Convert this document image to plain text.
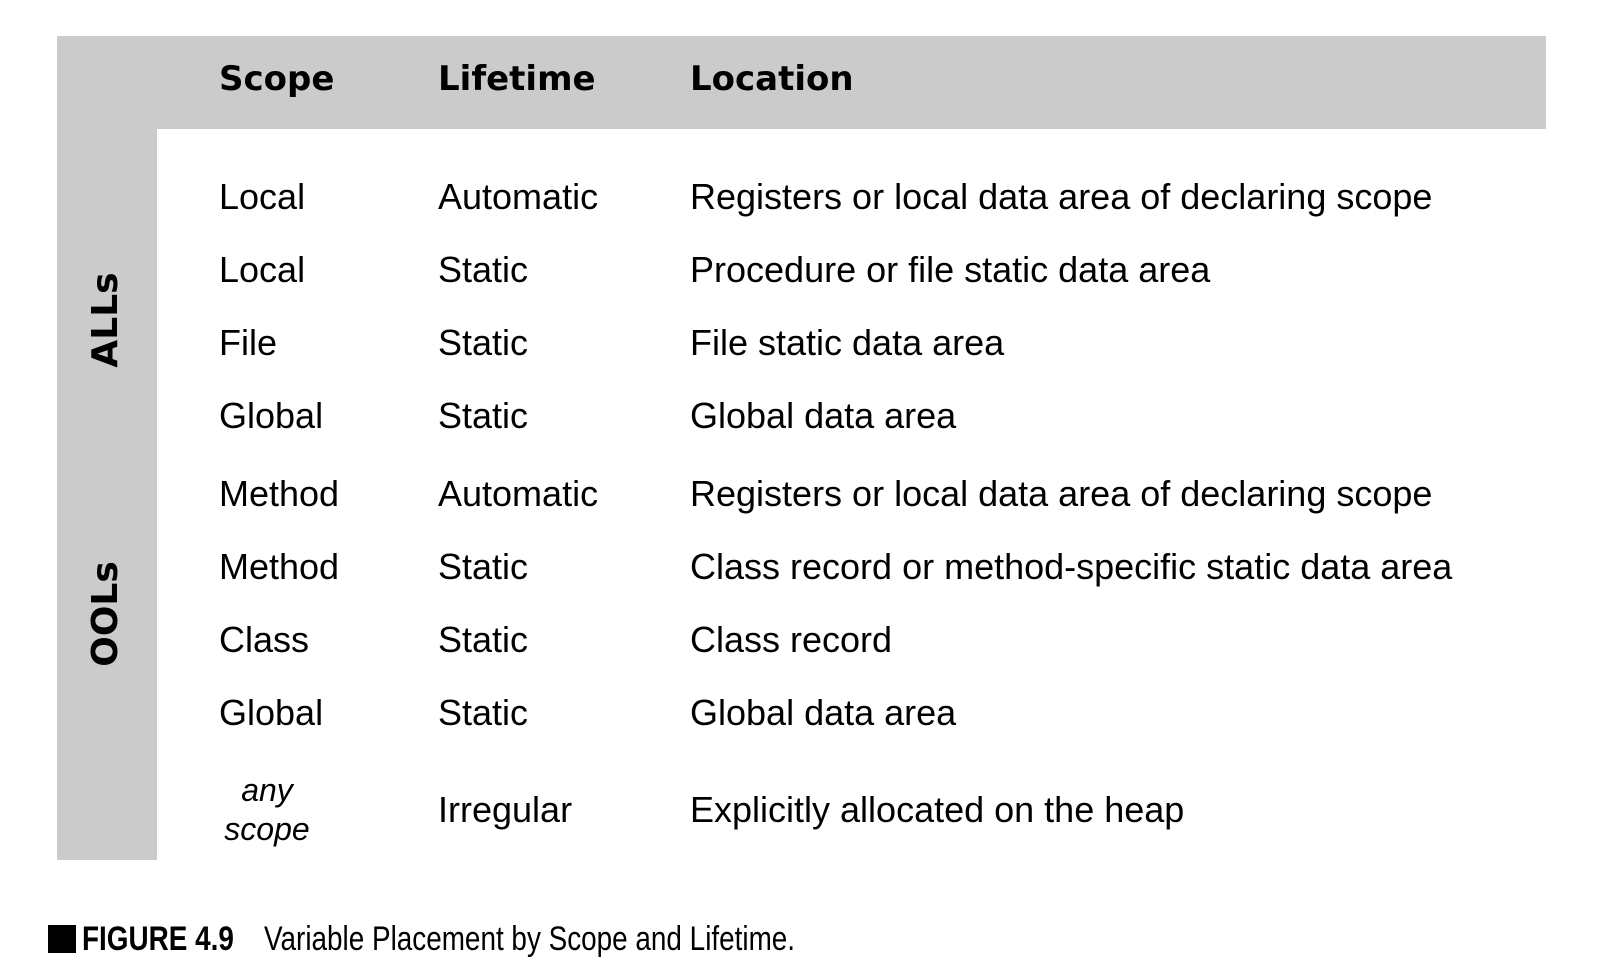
Scope	Lifetime	Location
ALLs
OOLs
Local	Automatic	Registers or local data area of declaring scope
Local	Static	Procedure or file static data area
File	Static	File static data area
Global	Static	Global data area
Method	Automatic	Registers or local data area of declaring scope
Method	Static	Class record or method-specific static data area
Class	Static	Class record
Global	Static	Global data area
any scope	Irregular	Explicitly allocated on the heap
FIGURE 4.9 Variable Placement by Scope and Lifetime.
